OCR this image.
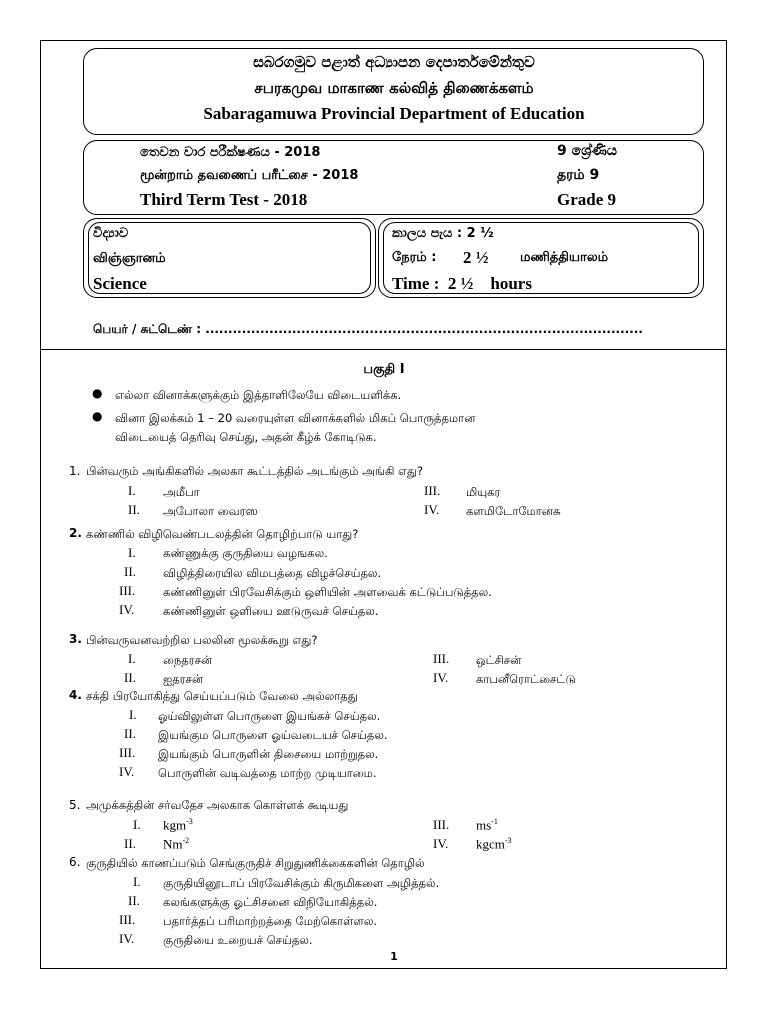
සබරගමුව පළාත් අධ්‍යාපන දෙපාර්තමේන්තුව
சபரகமுவ மாகாண கல்வித் திணைக்களம்
Sabaragamuwa Provincial Department of Education
තෙවන වාර පරීක්ෂණය - 2018
மூன்றாம் தவணைப் பரீட்சை - 2018
Third Term Test - 2018
9 ශ්‍රේණිය
தரம் 9
Grade 9
විද්‍යාව
விஞ்ஞானம்
Science
කාලය පැය : 2 ½
நேரம் : 2 ½ மணித்தியாலம்
Time :  2 ½    hours
பெயர் / சுட்டெண் : ................................................................................................
பகுதி I
● எல்லா வினாக்களுக்கும் இத்தாளிலேயே விடையளிக்க.
● வினா இலக்கம் 1 – 20 வரையுள்ள வினாக்களில் மிகப் பொருத்தமான
விடையைத் தெரிவு செய்து, அதன் கீழ்க் கோடிடுக.
1. பின்வரும் அங்கிகளில் அலகா கூட்டத்தில் அடங்கும் அங்கி எது?
I. அமீபா	III. மியுகர
II. அபோலா வைரஸ	IV. களமிடோமோனசு
2. கண்ணில் விழிவெண்படலத்தின் தொழிற்பாடு யாது?
I. கண்ணுக்கு குருதியை வழஙகல.
II. விழித்திரையில விமபத்தை விழச்செய்தல.
III. கண்ணினுள் பிரவேசிக்கும் ஒளியின் அளவைக் கட்டுப்படுத்தல.
IV. கண்ணினுள் ஒளியை ஊடுருவச் செய்தல.
3. பின்வருவனவற்றில பலலின மூலக்கூறு எது?
I. நைதரசன்	III. ஒட்சிசன்
II. ஐதரசன்	IV. காபனீரொட்சைட்டு
4. சக்தி பிரயோகித்து செய்யப்படும் வேலை அல்லாதது
I. ஓய்விலுள்ள பொருளை இயங்கச் செய்தல.
II. இயங்கும பொருளை ஓய்வடையச் செய்தல.
III. இயங்கும் பொருளின் திசையை மாற்றுதல.
IV. பொருளின் வடிவத்தை மாற்ற முடியாமை.
5. அமுக்கத்தின் சர்வதேச அலகாக கொள்ளக் கூடியது
I. kgm$^{-3}$	III. $ms^{-1}$
II. $Nm^{-2}$	IV. kgcm$^{-3}$
6. குருதியில் காணப்படும் செங்குருதிச் சிறுதுணிக்கைகளின் தொழில்
I. குருதியினூடாப் பிரவேசிக்கும் கிருமிகளை அழித்தல்.
II. கலங்களுக்கு ஓட்சிசனை விநியோகித்தல்.
III. பதார்த்தப் பரிமாற்றத்தை மேற்கொள்ளல.
IV. குருதியை உறையச் செய்தல.
1
